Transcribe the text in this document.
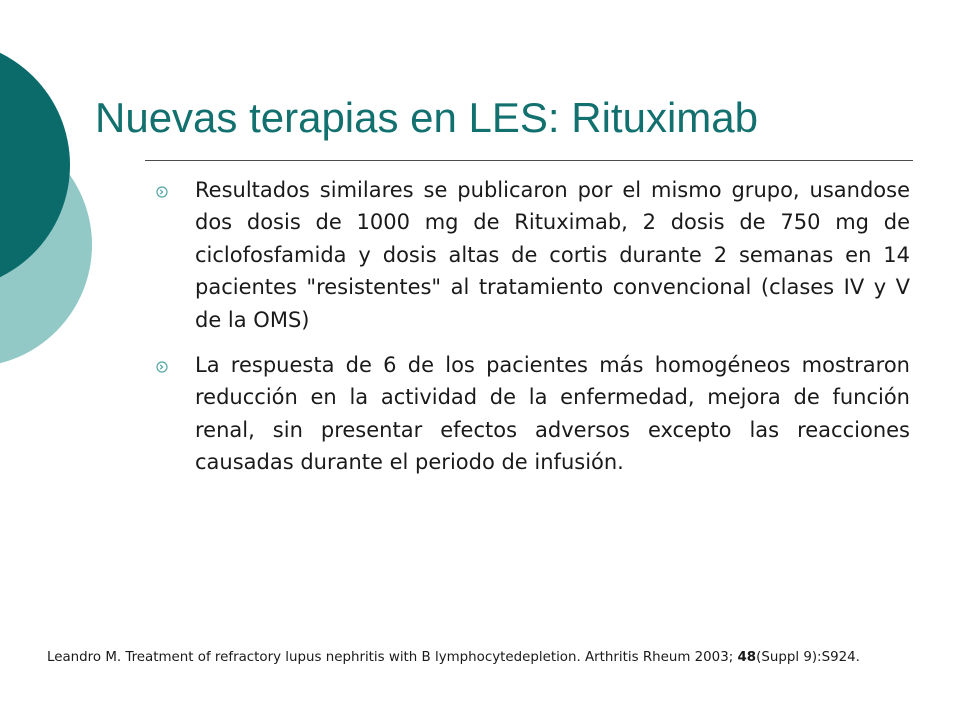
Nuevas terapias en LES: Rituximab
Resultados similares se publicaron por el mismo grupo, usandose dos dosis de 1000 mg de Rituximab, 2 dosis de 750 mg de ciclofosfamida y dosis altas de cortis durante 2 semanas en 14 pacientes "resistentes" al tratamiento convencional (clases IV y V de la OMS)
La respuesta de 6 de los pacientes más homogéneos mostraron reducción en la actividad de la enfermedad, mejora de función renal, sin presentar efectos adversos excepto las reacciones causadas durante el periodo de infusión.

Leandro M. Treatment of refractory lupus nephritis with B lymphocytedepletion. Arthritis Rheum 2003; 48(Suppl 9):S924.
